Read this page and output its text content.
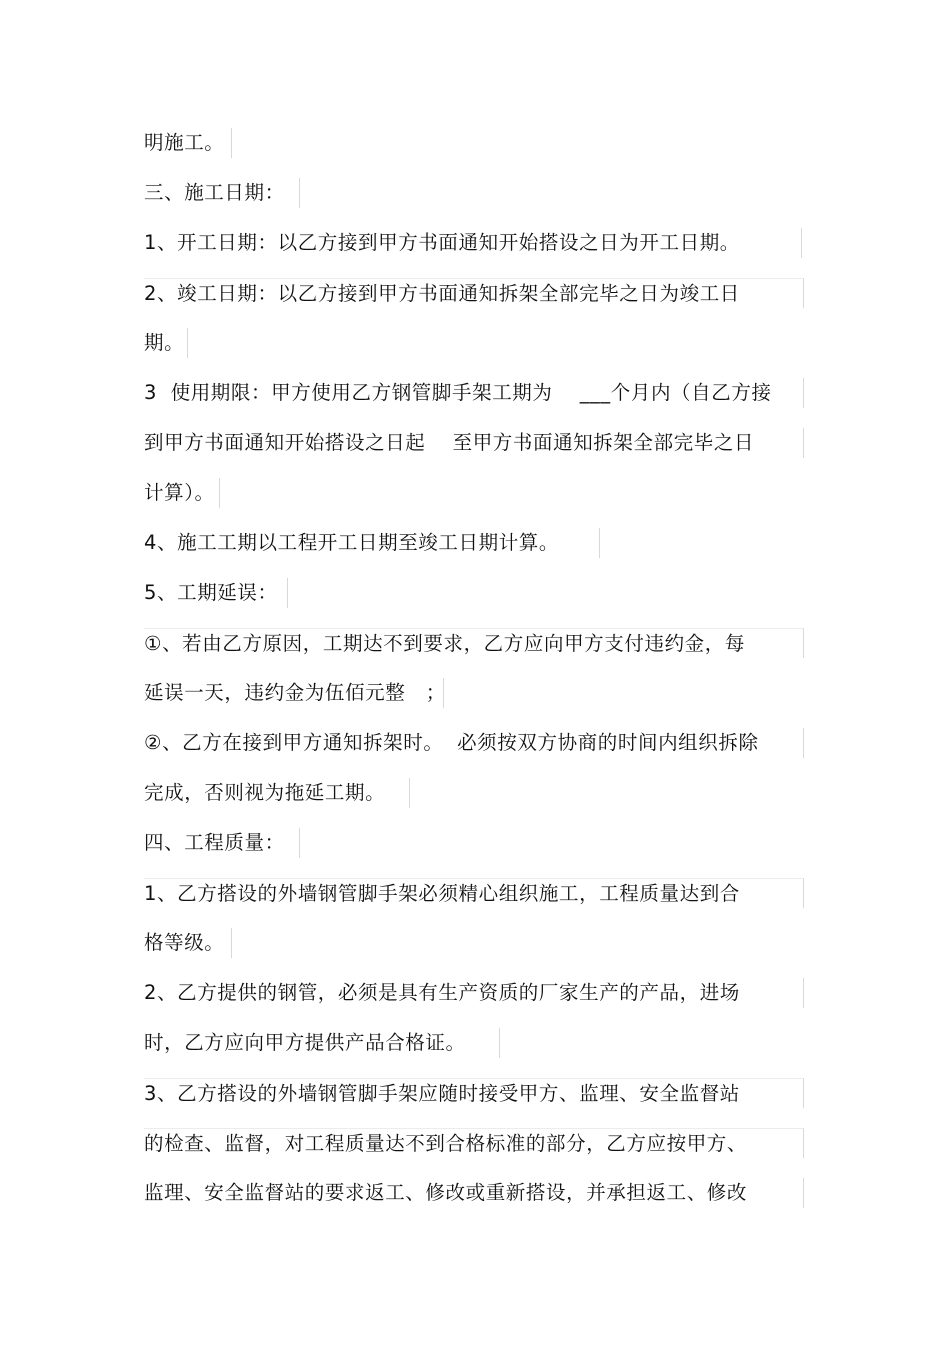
明施工。
三、施工日期：
1、开工日期：以乙方接到甲方书面通知开始搭设之日为开工日期。
2、竣工日期：以乙方接到甲方书面通知拆架全部完毕之日为竣工日
期。
3  使用期限：甲方使用乙方钢管脚手架工期为    ___个月内（自乙方接
到甲方书面通知开始搭设之日起    至甲方书面通知拆架全部完毕之日
计算）。
4、施工工期以工程开工日期至竣工日期计算。
5、工期延误：
①、若由乙方原因，工期达不到要求，乙方应向甲方支付违约金，每
延误一天，违约金为伍佰元整   ；
②、乙方在接到甲方通知拆架时。  必须按双方协商的时间内组织拆除
完成，否则视为拖延工期。
四、工程质量：
1、乙方搭设的外墙钢管脚手架必须精心组织施工，工程质量达到合
格等级。
2、乙方提供的钢管，必须是具有生产资质的厂家生产的产品，进场
时，乙方应向甲方提供产品合格证。
3、乙方搭设的外墙钢管脚手架应随时接受甲方、监理、安全监督站
的检查、监督，对工程质量达不到合格标准的部分，乙方应按甲方、
监理、安全监督站的要求返工、修改或重新搭设，并承担返工、修改
